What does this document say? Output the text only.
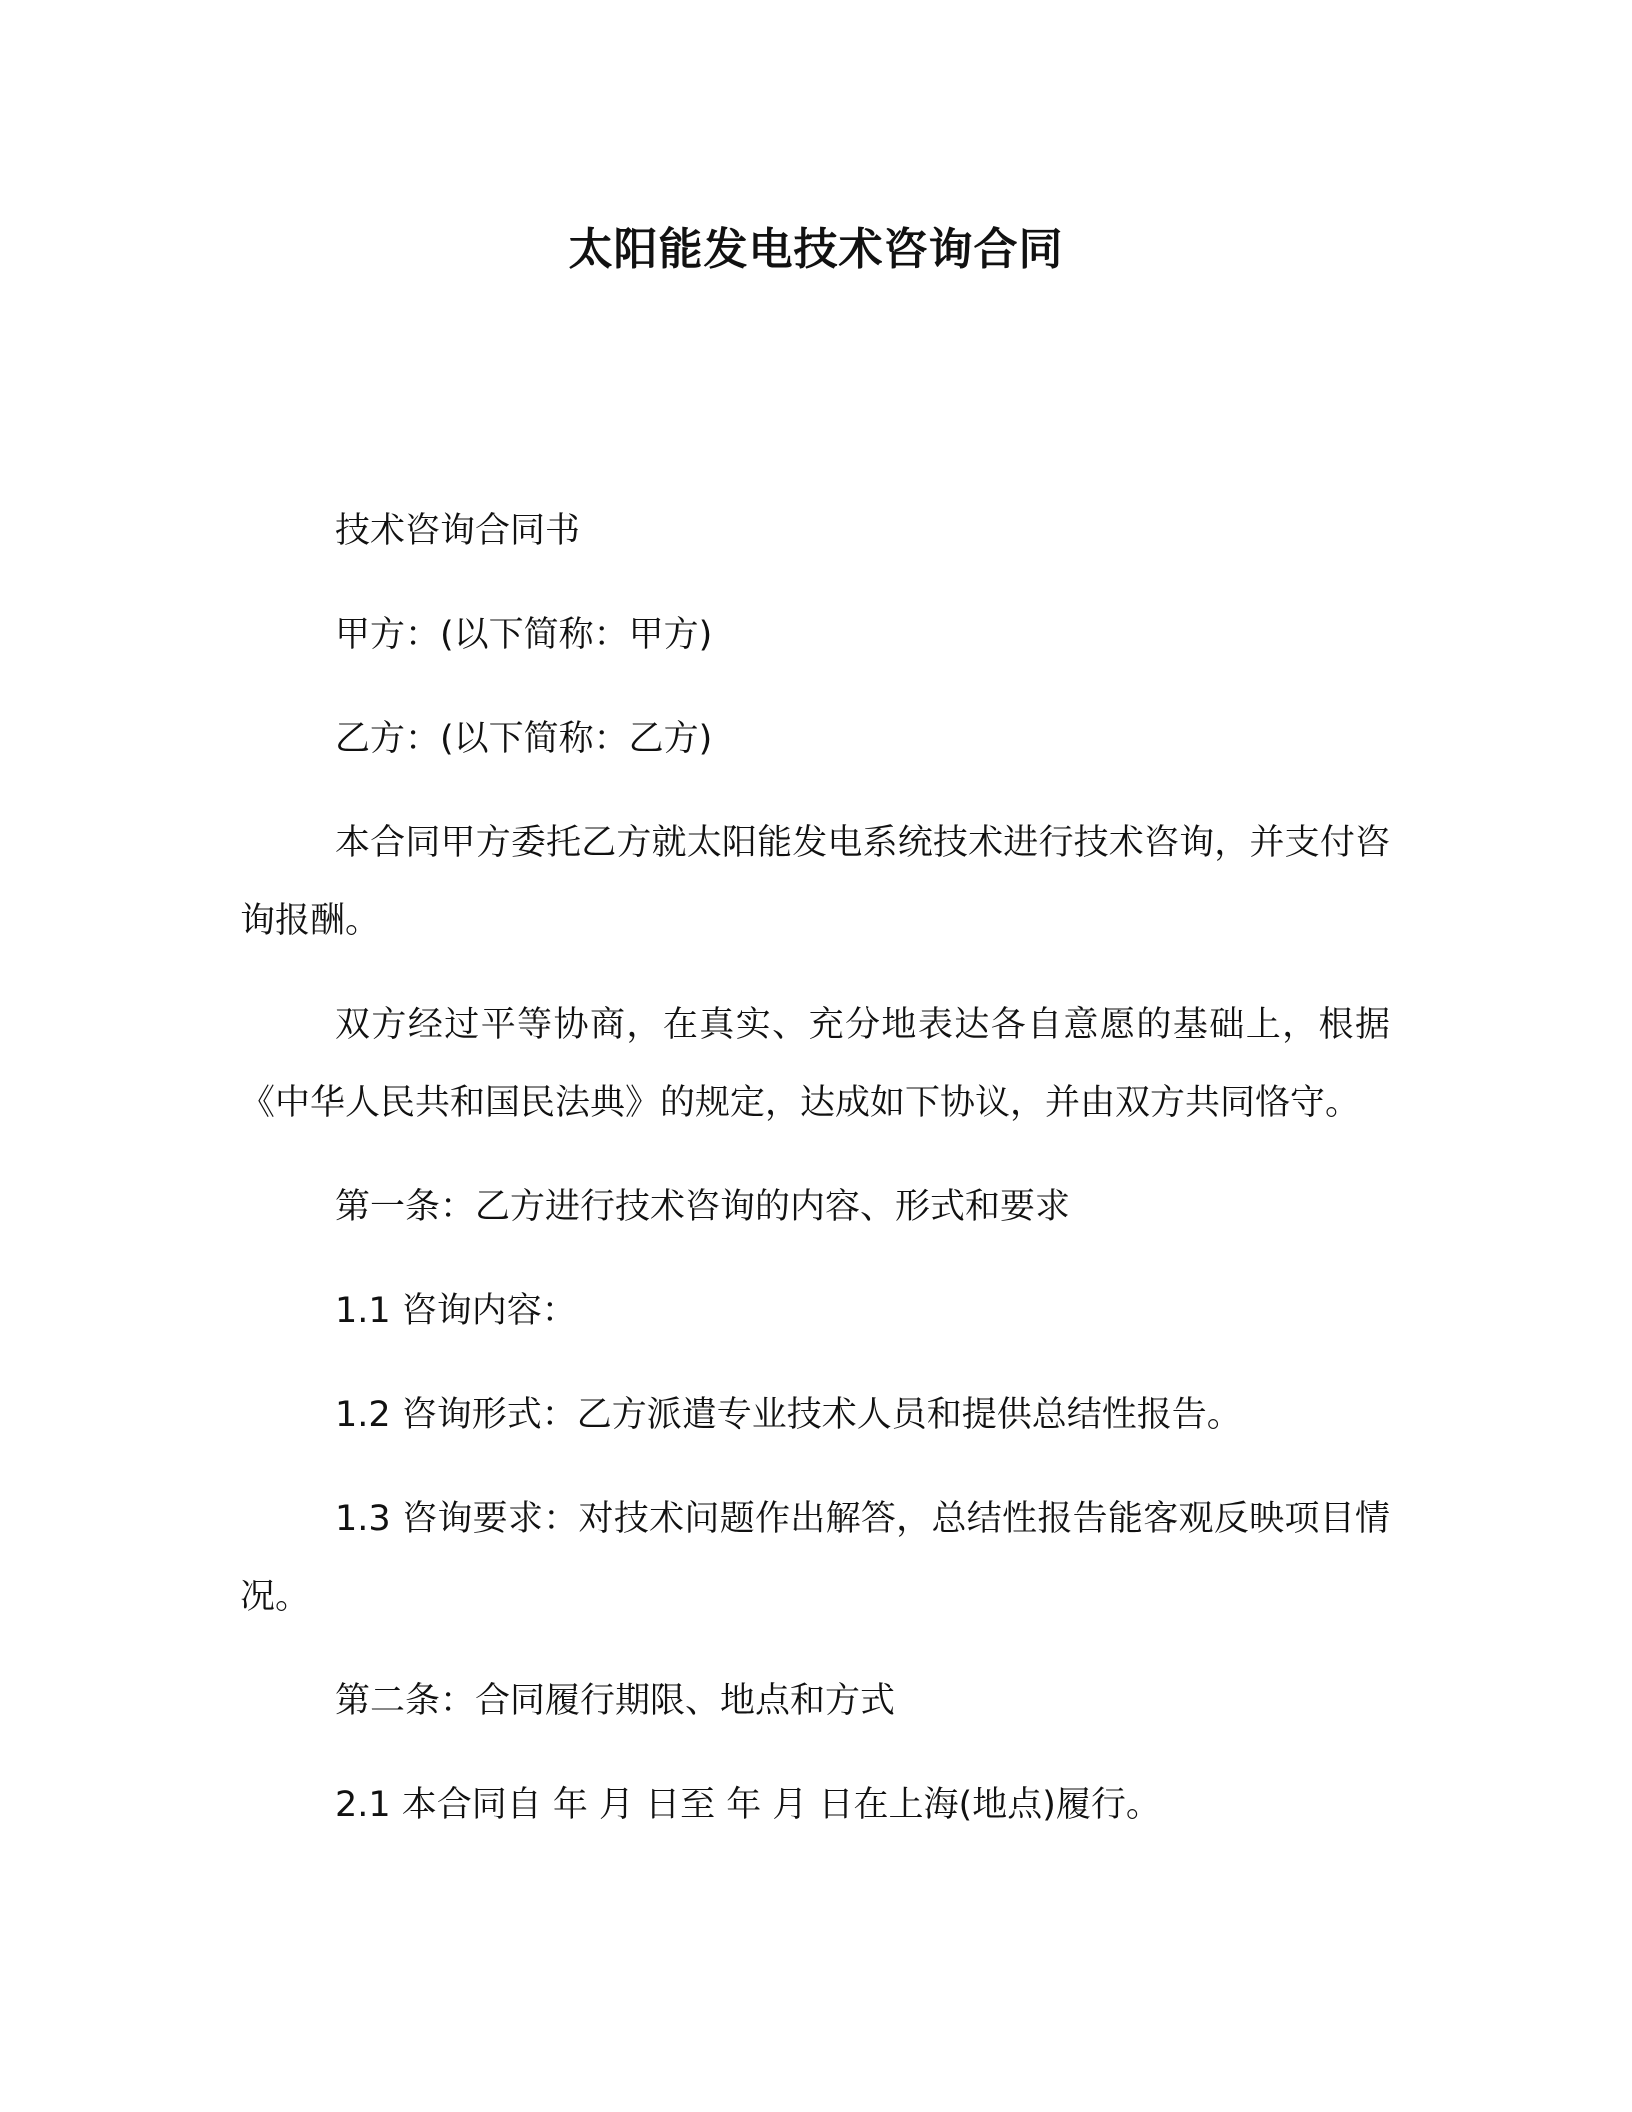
太阳能发电技术咨询合同

技术咨询合同书

甲方：(以下简称：甲方)

乙方：(以下简称：乙方)

本合同甲方委托乙方就太阳能发电系统技术进行技术咨询，并支付咨询报酬。

双方经过平等协商，在真实、充分地表达各自意愿的基础上，根据《中华人民共和国民法典》的规定，达成如下协议，并由双方共同恪守。

第一条：乙方进行技术咨询的内容、形式和要求

1.1 咨询内容：

1.2 咨询形式：乙方派遣专业技术人员和提供总结性报告。

1.3 咨询要求：对技术问题作出解答，总结性报告能客观反映项目情况。

第二条：合同履行期限、地点和方式

2.1 本合同自 年 月 日至 年 月 日在上海(地点)履行。
